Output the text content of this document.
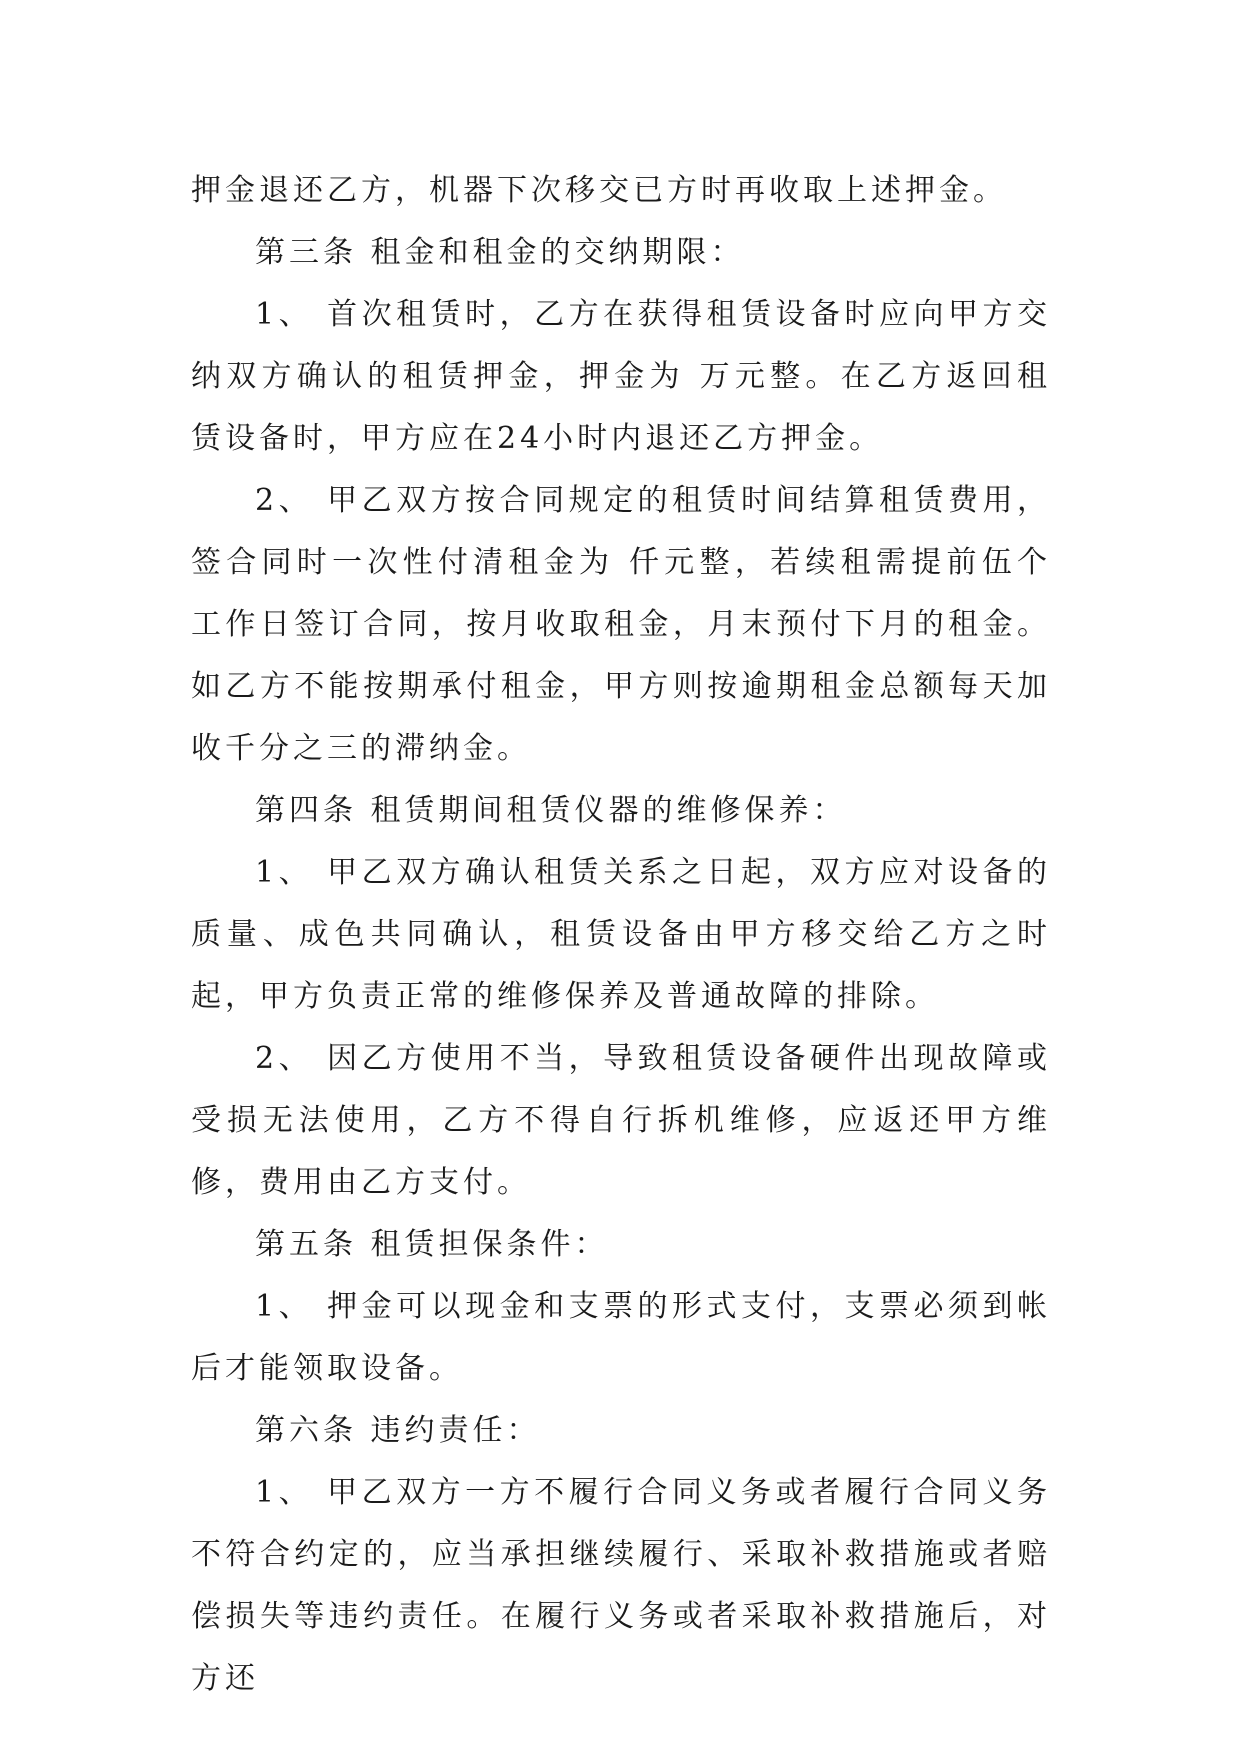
押金退还乙方，机器下次移交已方时再收取上述押金。

第三条 租金和租金的交纳期限：

1、 首次租赁时，乙方在获得租赁设备时应向甲方交纳双方确认的租赁押金，押金为 万元整。在乙方返回租赁设备时，甲方应在24小时内退还乙方押金。

2、 甲乙双方按合同规定的租赁时间结算租赁费用，签合同时一次性付清租金为 仟元整，若续租需提前伍个工作日签订合同，按月收取租金，月末预付下月的租金。如乙方不能按期承付租金，甲方则按逾期租金总额每天加收千分之三的滞纳金。

第四条 租赁期间租赁仪器的维修保养：

1、 甲乙双方确认租赁关系之日起，双方应对设备的质量、成色共同确认，租赁设备由甲方移交给乙方之时起，甲方负责正常的维修保养及普通故障的排除。

2、 因乙方使用不当，导致租赁设备硬件出现故障或受损无法使用，乙方不得自行拆机维修，应返还甲方维修，费用由乙方支付。

第五条 租赁担保条件：

1、 押金可以现金和支票的形式支付，支票必须到帐后才能领取设备。

第六条 违约责任：

1、 甲乙双方一方不履行合同义务或者履行合同义务不符合约定的，应当承担继续履行、采取补救措施或者赔偿损失等违约责任。在履行义务或者采取补救措施后，对方还
